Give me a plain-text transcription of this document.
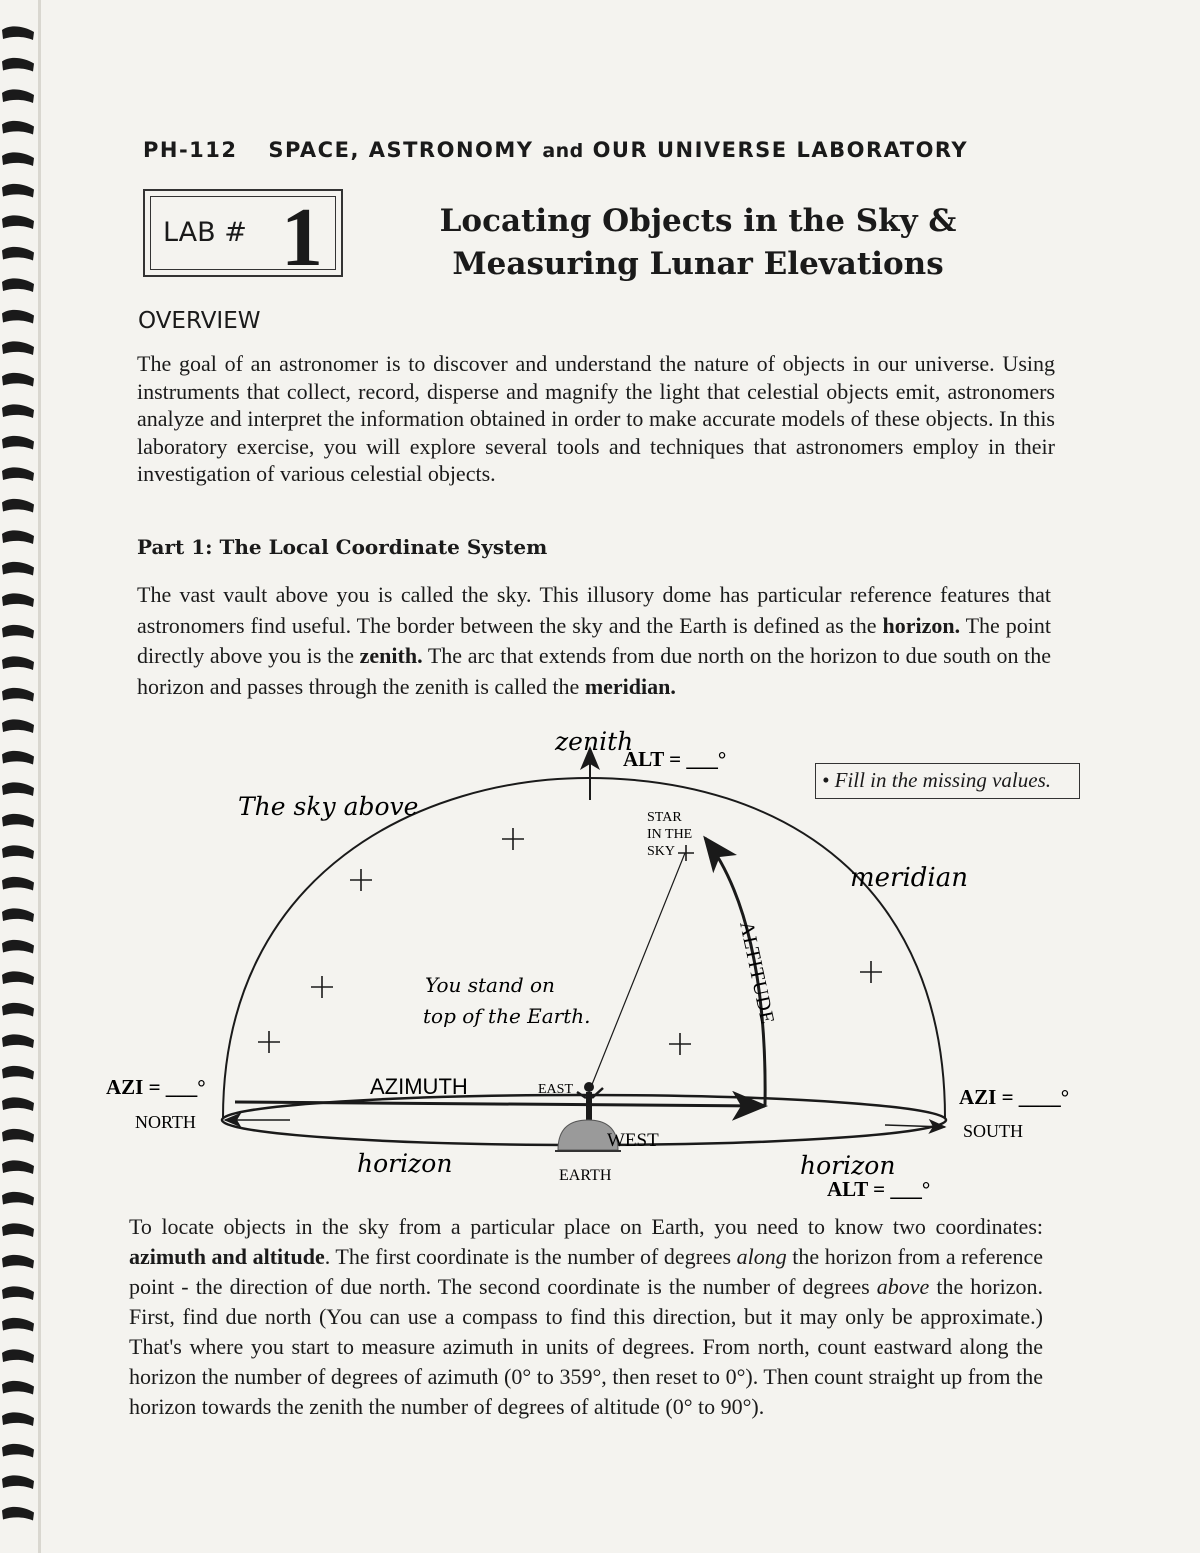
PH-112 SPACE, ASTRONOMY and OUR UNIVERSE LABORATORY
LAB # 1	Locating Objects in the Sky &
Measuring Lunar Elevations
OVERVIEW

The goal of an astronomer is to discover and understand the nature of objects in our universe. Using instruments that collect, record, disperse and magnify the light that celestial objects emit, astronomers analyze and interpret the information obtained in order to make accurate models of these objects. In this laboratory exercise, you will explore several tools and techniques that astronomers employ in their investigation of various celestial objects.

Part 1: The Local Coordinate System

The vast vault above you is called the sky. This illusory dome has particular reference features that astronomers find useful. The border between the sky and the Earth is defined as the horizon. The point directly above you is the zenith. The arc that extends from due north on the horizon to due south on the horizon and passes through the zenith is called the meridian.

zenith
ALT = ___°
The sky above	STAR
IN THE
SKY
meridian
ALTITUDE
You stand on
top of the Earth.
AZI = ___°
NORTH
AZIMUTH	EAST
WEST
EARTH
AZI = ____°
SOUTH
horizon	horizon
ALT = ___°
• Fill in the missing values.

To locate objects in the sky from a particular place on Earth, you need to know two coordinates: azimuth and altitude. The first coordinate is the number of degrees along the horizon from a reference point - the direction of due north. The second coordinate is the number of degrees above the horizon. First, find due north (You can use a compass to find this direction, but it may only be approximate.) That's where you start to measure azimuth in units of degrees. From north, count eastward along the horizon the number of degrees of azimuth (0° to 359°, then reset to 0°). Then count straight up from the horizon towards the zenith the number of degrees of altitude (0° to 90°).
